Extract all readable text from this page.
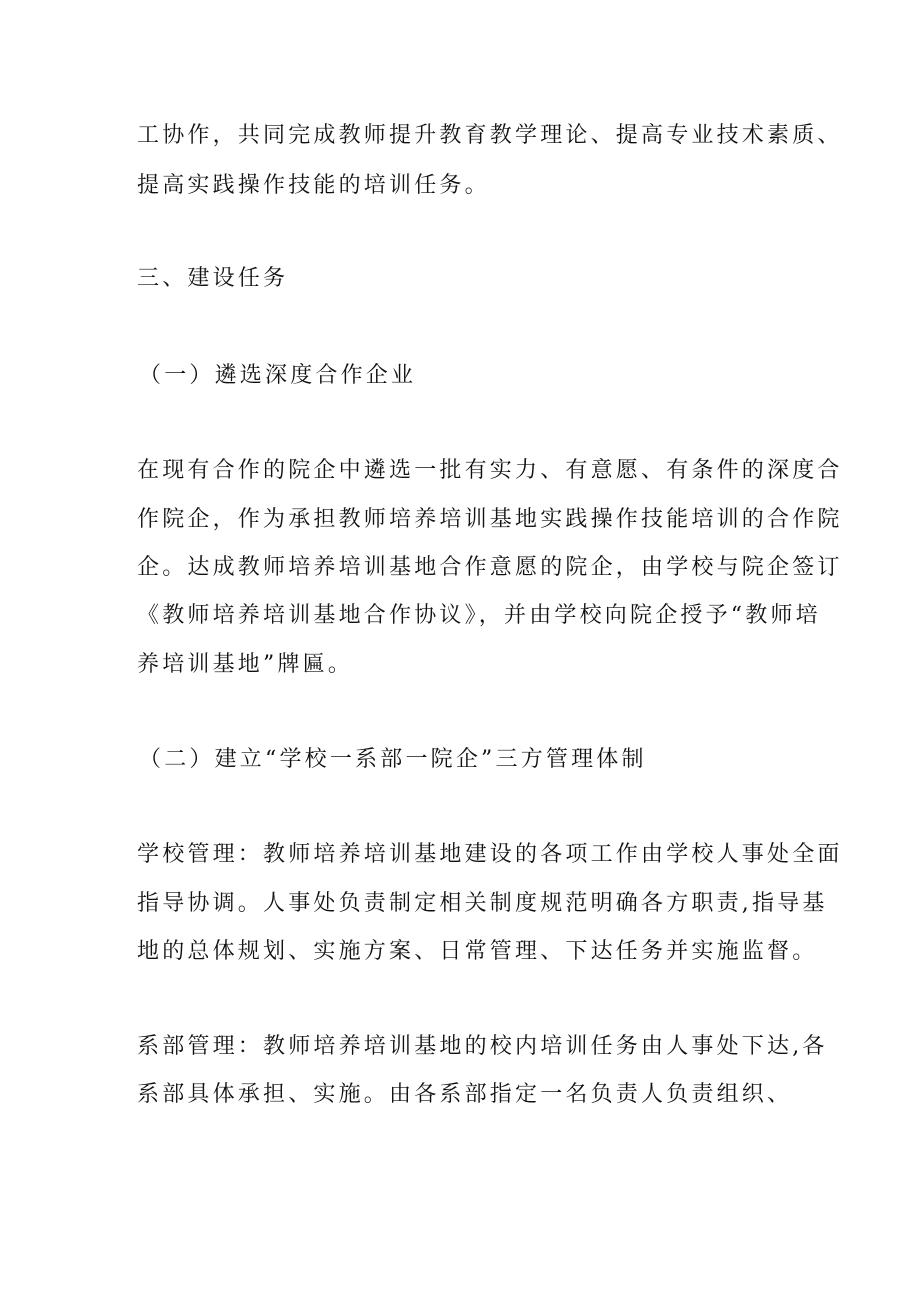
工协作，共同完成教师提升教育教学理论、提高专业技术素质、
提高实践操作技能的培训任务。
三、建设任务
（一）遴选深度合作企业
在现有合作的院企中遴选一批有实力、有意愿、有条件的深度合
作院企，作为承担教师培养培训基地实践操作技能培训的合作院
企。达成教师培养培训基地合作意愿的院企，由学校与院企签订
《教师培养培训基地合作协议》，并由学校向院企授予“教师培
养培训基地”牌匾。
（二）建立“学校一系部一院企”三方管理体制
学校管理：教师培养培训基地建设的各项工作由学校人事处全面
指导协调。人事处负责制定相关制度规范明确各方职责,指导基
地的总体规划、实施方案、日常管理、下达任务并实施监督。
系部管理：教师培养培训基地的校内培训任务由人事处下达,各
系部具体承担、实施。由各系部指定一名负责人负责组织、
